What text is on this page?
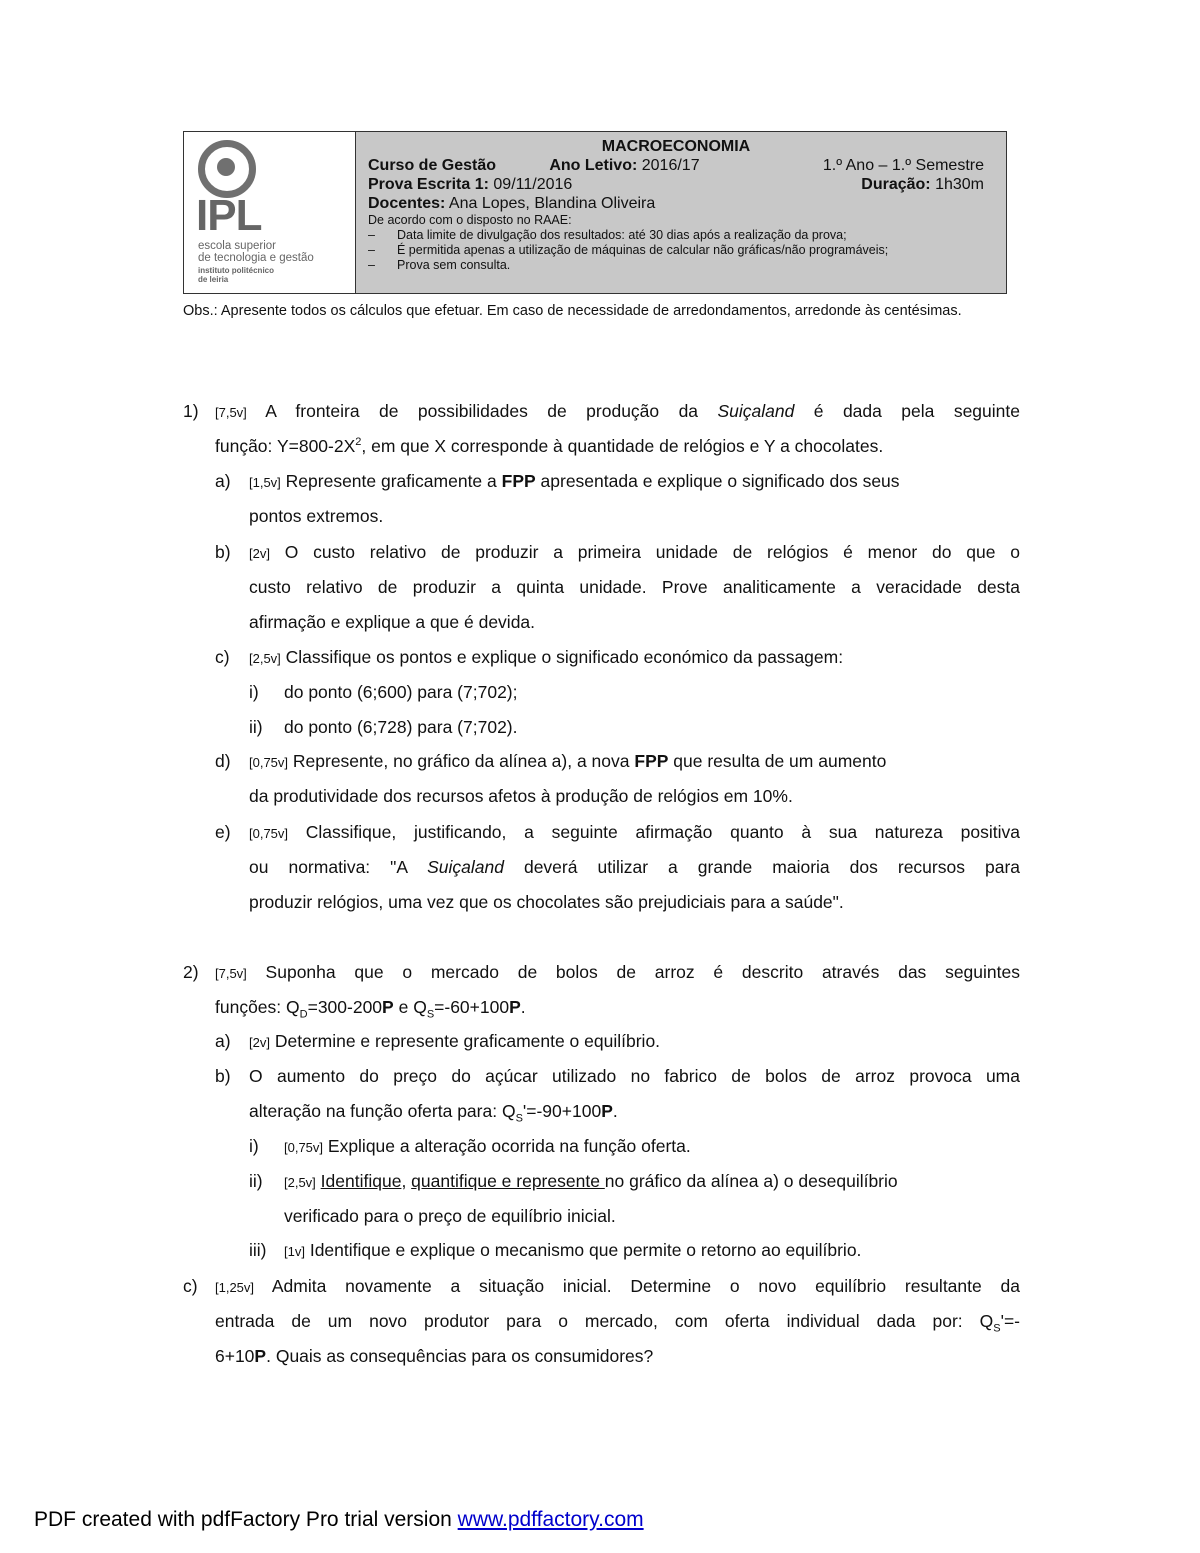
IPL
escola superior
de tecnologia e gestão
instituto politécnico
de leiria
MACROECONOMIA
Curso de Gestão	Ano Letivo: 2016/17	1.º Ano – 1.º Semestre
Prova Escrita 1: 09/11/2016	Duração: 1h30m
Docentes: Ana Lopes, Blandina Oliveira
De acordo com o disposto no RAAE:
–	Data limite de divulgação dos resultados: até 30 dias após a realização da prova;
–	É permitida apenas a utilização de máquinas de calcular não gráficas/não programáveis;
–	Prova sem consulta.
Obs.: Apresente todos os cálculos que efetuar. Em caso de necessidade de arredondamentos, arredonde às centésimas.
1) [7,5v] A fronteira de possibilidades de produção da Suiçaland é dada pela seguinte
função: $Y=800-2X^2$, em que X corresponde à quantidade de relógios e Y a chocolates.
a) [1,5v] Represente graficamente a FPP apresentada e explique o significado dos seus
pontos extremos.
b) [2v] O custo relativo de produzir a primeira unidade de relógios é menor do que o
custo relativo de produzir a quinta unidade. Prove analiticamente a veracidade desta
afirmação e explique a que é devida.
c) [2,5v] Classifique os pontos e explique o significado económico da passagem:
i) do ponto (6;600) para (7;702);
ii) do ponto (6;728) para (7;702).
d) [0,75v] Represente, no gráfico da alínea a), a nova FPP que resulta de um aumento
da produtividade dos recursos afetos à produção de relógios em 10%.
e) [0,75v] Classifique, justificando, a seguinte afirmação quanto à sua natureza positiva
ou normativa: "A Suiçaland deverá utilizar a grande maioria dos recursos para
produzir relógios, uma vez que os chocolates são prejudiciais para a saúde".
2) [7,5v] Suponha que o mercado de bolos de arroz é descrito através das seguintes
funções: $Q_D=300-200P$ e $Q_S=-60+100P$.
a) [2v] Determine e represente graficamente o equilíbrio.
b) O aumento do preço do açúcar utilizado no fabrico de bolos de arroz provoca uma
alteração na função oferta para: $Q_S'=-90+100P$.
i) [0,75v] Explique a alteração ocorrida na função oferta.
ii) [2,5v] Identifique, quantifique e represente no gráfico da alínea a) o desequilíbrio
verificado para o preço de equilíbrio inicial.
iii) [1v] Identifique e explique o mecanismo que permite o retorno ao equilíbrio.
c) [1,25v] Admita novamente a situação inicial. Determine o novo equilíbrio resultante da
entrada de um novo produtor para o mercado, com oferta individual dada por: $Q_S'=-$
6+10P. Quais as consequências para os consumidores?
PDF created with pdfFactory Pro trial version www.pdffactory.com
